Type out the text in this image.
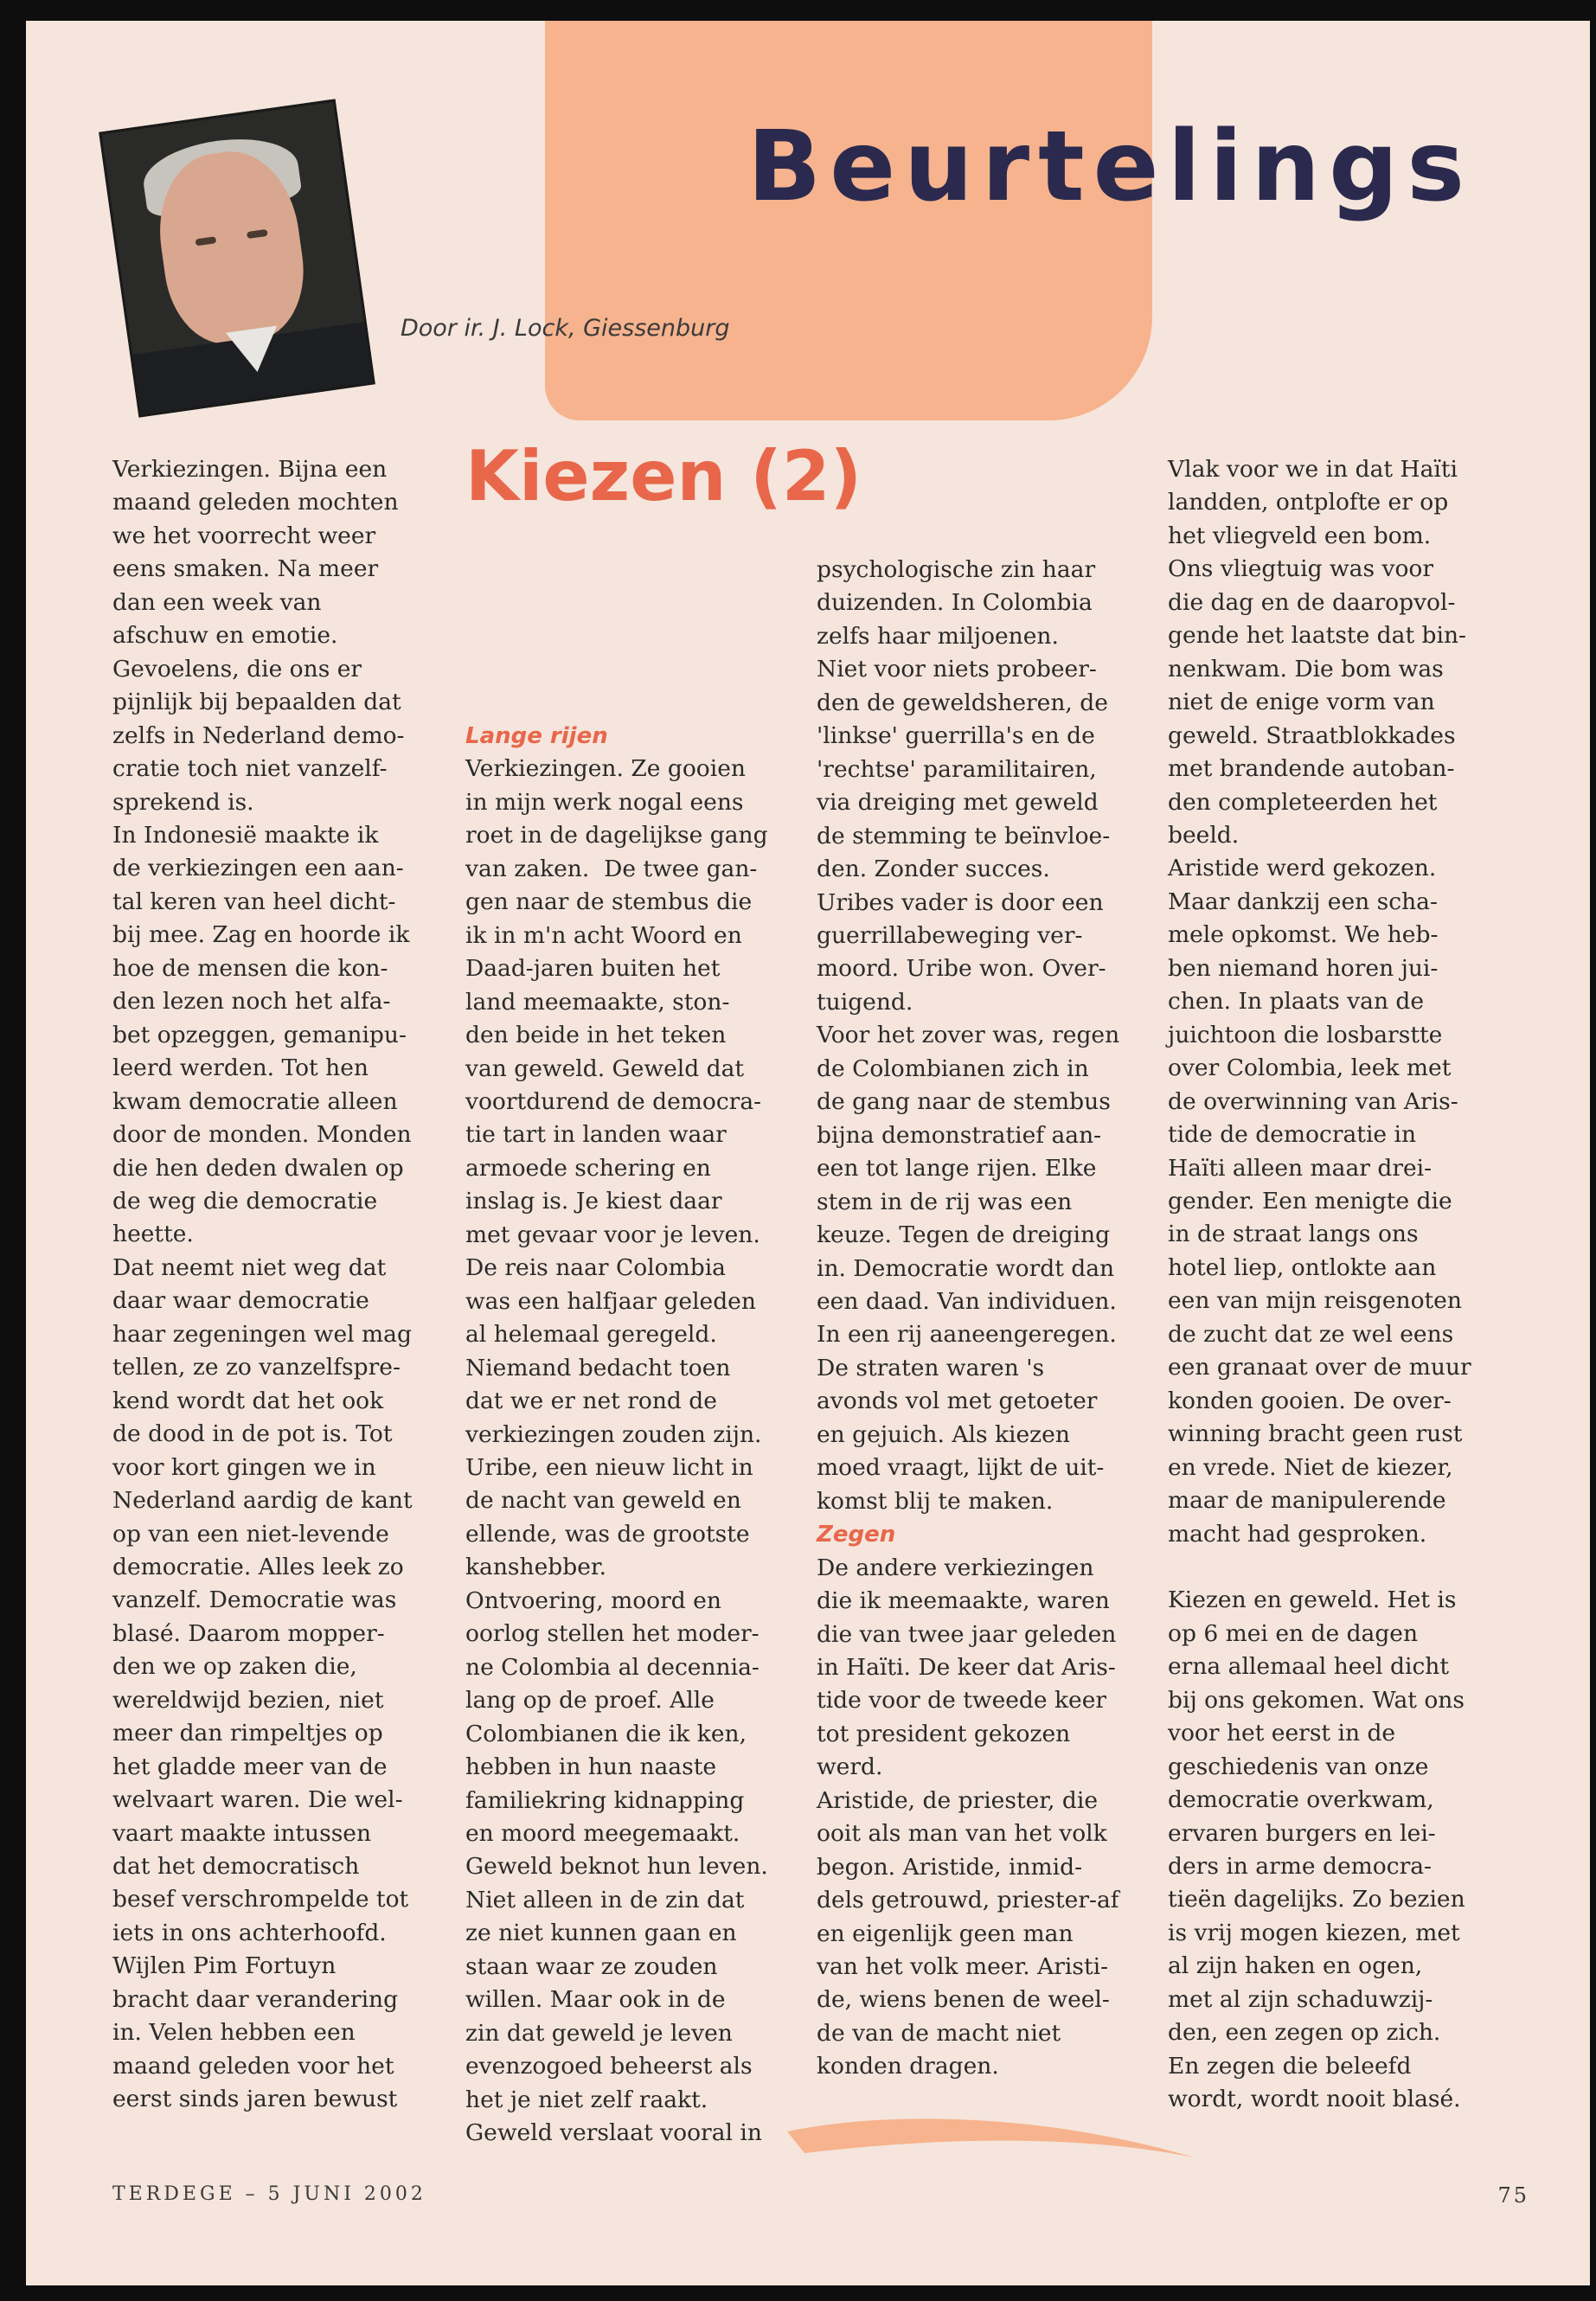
Beurtelings

Door ir. J. Lock, Giessenburg

Kiezen (2)
Verkiezingen. Bijna een
maand geleden mochten
we het voorrecht weer
eens smaken. Na meer
dan een week van
afschuw en emotie.
Gevoelens, die ons er
pijnlijk bij bepaalden dat
zelfs in Nederland demo-
cratie toch niet vanzelf-
sprekend is.
In Indonesië maakte ik
de verkiezingen een aan-
tal keren van heel dicht-
bij mee. Zag en hoorde ik
hoe de mensen die kon-
den lezen noch het alfa-
bet opzeggen, gemanipu-
leerd werden. Tot hen
kwam democratie alleen
door de monden. Monden
die hen deden dwalen op
de weg die democratie
heette.
Dat neemt niet weg dat
daar waar democratie
haar zegeningen wel mag
tellen, ze zo vanzelfspre-
kend wordt dat het ook
de dood in de pot is. Tot
voor kort gingen we in
Nederland aardig de kant
op van een niet-levende
democratie. Alles leek zo
vanzelf. Democratie was
blasé. Daarom mopper-
den we op zaken die,
wereldwijd bezien, niet
meer dan rimpeltjes op
het gladde meer van de
welvaart waren. Die wel-
vaart maakte intussen
dat het democratisch
besef verschrompelde tot
iets in ons achterhoofd.
Wijlen Pim Fortuyn
bracht daar verandering
in. Velen hebben een
maand geleden voor het
eerst sinds jaren bewust
Lange rijen
Verkiezingen. Ze gooien
in mijn werk nogal eens
roet in de dagelijkse gang
van zaken.  De twee gan-
gen naar de stembus die
ik in m'n acht Woord en
Daad-jaren buiten het
land meemaakte, ston-
den beide in het teken
van geweld. Geweld dat
voortdurend de democra-
tie tart in landen waar
armoede schering en
inslag is. Je kiest daar
met gevaar voor je leven.
De reis naar Colombia
was een halfjaar geleden
al helemaal geregeld.
Niemand bedacht toen
dat we er net rond de
verkiezingen zouden zijn.
Uribe, een nieuw licht in
de nacht van geweld en
ellende, was de grootste
kanshebber.
Ontvoering, moord en
oorlog stellen het moder-
ne Colombia al decennia-
lang op de proef. Alle
Colombianen die ik ken,
hebben in hun naaste
familiekring kidnapping
en moord meegemaakt.
Geweld beknot hun leven.
Niet alleen in de zin dat
ze niet kunnen gaan en
staan waar ze zouden
willen. Maar ook in de
zin dat geweld je leven
evenzogoed beheerst als
het je niet zelf raakt.
Geweld verslaat vooral in
psychologische zin haar
duizenden. In Colombia
zelfs haar miljoenen.
Niet voor niets probeer-
den de geweldsheren, de
'linkse' guerrilla's en de
'rechtse' paramilitairen,
via dreiging met geweld
de stemming te beïnvloe-
den. Zonder succes.
Uribes vader is door een
guerrillabeweging ver-
moord. Uribe won. Over-
tuigend.
Voor het zover was, regen
de Colombianen zich in
de gang naar de stembus
bijna demonstratief aan-
een tot lange rijen. Elke
stem in de rij was een
keuze. Tegen de dreiging
in. Democratie wordt dan
een daad. Van individuen.
In een rij aaneengeregen.
De straten waren 's
avonds vol met getoeter
en gejuich. Als kiezen
moed vraagt, lijkt de uit-
komst blij te maken.

Zegen
De andere verkiezingen
die ik meemaakte, waren
die van twee jaar geleden
in Haïti. De keer dat Aris-
tide voor de tweede keer
tot president gekozen
werd.
Aristide, de priester, die
ooit als man van het volk
begon. Aristide, inmid-
dels getrouwd, priester-af
en eigenlijk geen man
van het volk meer. Aristi-
de, wiens benen de weel-
de van de macht niet
konden dragen.
Vlak voor we in dat Haïti
landden, ontplofte er op
het vliegveld een bom.
Ons vliegtuig was voor
die dag en de daaropvol-
gende het laatste dat bin-
nenkwam. Die bom was
niet de enige vorm van
geweld. Straatblokkades
met brandende autoban-
den completeerden het
beeld.
Aristide werd gekozen.
Maar dankzij een scha-
mele opkomst. We heb-
ben niemand horen jui-
chen. In plaats van de
juichtoon die losbarstte
over Colombia, leek met
de overwinning van Aris-
tide de democratie in
Haïti alleen maar drei-
gender. Een menigte die
in de straat langs ons
hotel liep, ontlokte aan
een van mijn reisgenoten
de zucht dat ze wel eens
een granaat over de muur
konden gooien. De over-
winning bracht geen rust
en vrede. Niet de kiezer,
maar de manipulerende
macht had gesproken.

Kiezen en geweld. Het is
op 6 mei en de dagen
erna allemaal heel dicht
bij ons gekomen. Wat ons
voor het eerst in de
geschiedenis van onze
democratie overkwam,
ervaren burgers en lei-
ders in arme democra-
tieën dagelijks. Zo bezien
is vrij mogen kiezen, met
al zijn haken en ogen,
met al zijn schaduwzij-
den, een zegen op zich.
En zegen die beleefd
wordt, wordt nooit blasé.

TERDEGE – 5 JUNI 2002	75
